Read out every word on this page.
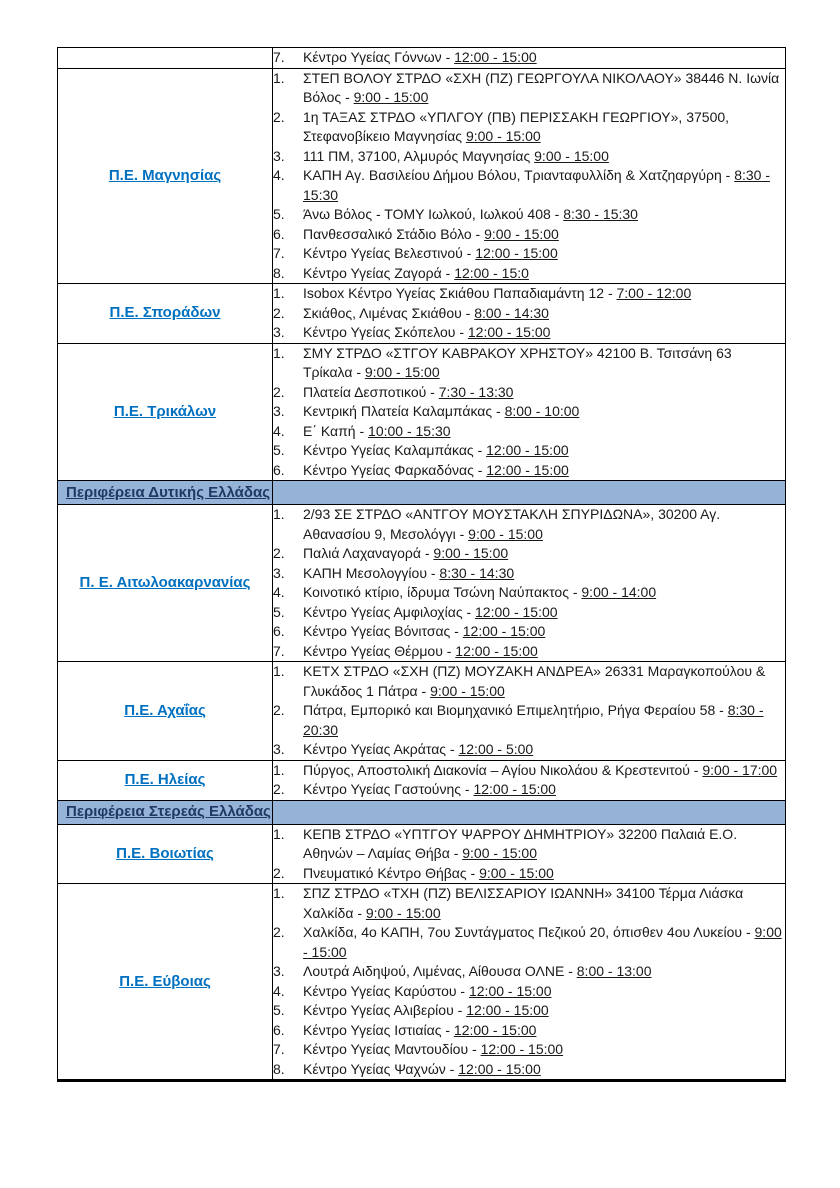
	7. Κέντρο Υγείας Γόννων - 12:00 - 15:00

Π.Ε. Μαγνησίας	
1.	ΣΤΕΠ ΒΟΛΟΥ ΣΤΡΔΟ «ΣΧΗ (ΠΖ) ΓΕΩΡΓΟΥΛΑ ΝΙΚΟΛΑΟΥ» 38446 Ν. Ιωνία Βόλος - 9:00 - 15:00
2.	1η ΤΑΞΑΣ ΣΤΡΔΟ «ΥΠΛΓΟΥ (ΠΒ) ΠΕΡΙΣΣΑΚΗ ΓΕΩΡΓΙΟΥ», 37500, Στεφανοβίκειο Μαγνησίας 9:00 - 15:00
3.	111 ΠΜ, 37100, Αλμυρός Μαγνησίας 9:00 - 15:00
4.	ΚΑΠΗ Αγ. Βασιλείου Δήμου Βόλου, Τριανταφυλλίδη & Χατζηαργύρη - 8:30 - 15:30
5.	Άνω Βόλος - ΤΟΜΥ Ιωλκού, Ιωλκού 408 - 8:30 - 15:30
6.	Πανθεσσαλικό Στάδιο Βόλο - 9:00 - 15:00
7.	Κέντρο Υγείας Βελεστινού - 12:00 - 15:00
8.	Κέντρο Υγείας Ζαγορά - 12:00 - 15:0

Π.Ε. Σποράδων	
1.	Isobox Κέντρο Υγείας Σκιάθου Παπαδιαμάντη 12 - 7:00 - 12:00
2.	Σκιάθος, Λιμένας Σκιάθου - 8:00 - 14:30
3.	Κέντρο Υγείας Σκόπελου - 12:00 - 15:00

Π.Ε. Τρικάλων	
1.	ΣΜΥ ΣΤΡΔΟ «ΣΤΓΟΥ ΚΑΒΡΑΚΟΥ ΧΡΗΣΤΟΥ» 42100 Β. Τσιτσάνη 63 Τρίκαλα - 9:00 - 15:00
2.	Πλατεία Δεσποτικού - 7:30 - 13:30
3.	Κεντρική Πλατεία Καλαμπάκας - 8:00 - 10:00
4.	Ε΄ Καπή - 10:00 - 15:30
5.	Κέντρο Υγείας Καλαμπάκας - 12:00 - 15:00
6.	Κέντρο Υγείας Φαρκαδόνας - 12:00 - 15:00

Περιφέρεια Δυτικής Ελλάδας	
Π. Ε. Αιτωλοακαρνανίας	
1.	2/93 ΣΕ ΣΤΡΔΟ «ΑΝΤΓΟΥ ΜΟΥΣΤΑΚΛΗ ΣΠΥΡΙΔΩΝΑ», 30200 Αγ. Αθανασίου 9, Μεσολόγγι - 9:00 - 15:00
2.	Παλιά Λαχαναγορά - 9:00 - 15:00
3.	ΚΑΠΗ Μεσολογγίου - 8:30 - 14:30
4.	Κοινοτικό κτίριο, ίδρυμα Τσώνη Ναύπακτος - 9:00 - 14:00
5.	Κέντρο Υγείας Αμφιλοχίας - 12:00 - 15:00
6.	Κέντρο Υγείας Βόνιτσας - 12:00 - 15:00
7.	Κέντρο Υγείας Θέρμου - 12:00 - 15:00

Π.Ε. Αχαΐας	
1.	ΚΕΤΧ ΣΤΡΔΟ «ΣΧΗ (ΠΖ) ΜΟΥΖΑΚΗ ΑΝΔΡΕΑ» 26331 Μαραγκοπούλου & Γλυκάδος 1 Πάτρα - 9:00 - 15:00
2.	Πάτρα, Εμπορικό και Βιομηχανικό Επιμελητήριο, Ρήγα Φεραίου 58 - 8:30 - 20:30
3.	Κέντρο Υγείας Ακράτας - 12:00 - 5:00

Π.Ε. Ηλείας	1. Πύργος, Αποστολική Διακονία – Αγίου Νικολάου & Κρεστενιτού - 9:00 - 17:00
2. Κέντρο Υγείας Γαστούνης - 12:00 - 15:00

Περιφέρεια Στερεάς Ελλάδας	
Π.Ε. Βοιωτίας	1. ΚΕΠΒ ΣΤΡΔΟ «ΥΠΤΓΟΥ ΨΑΡΡΟΥ ΔΗΜΗΤΡΙΟΥ» 32200 Παλαιά Ε.Ο. Αθηνών – Λαμίας Θήβα - 9:00 - 15:00
2. Πνευματικό Κέντρο Θήβας - 9:00 - 15:00

Π.Ε. Εύβοιας	
1.	ΣΠΖ ΣΤΡΔΟ «ΤΧΗ (ΠΖ) ΒΕΛΙΣΣΑΡΙΟΥ ΙΩΑΝΝΗ» 34100 Τέρμα Λιάσκα Χαλκίδα - 9:00 - 15:00
2.	Χαλκίδα, 4ο ΚΑΠΗ, 7ου Συντάγματος Πεζικού 20, όπισθεν 4ου Λυκείου - 9:00 - 15:00
3.	Λουτρά Αιδηψού, Λιμένας, Αίθουσα ΟΛΝΕ - 8:00 - 13:00
4.	Κέντρο Υγείας Καρύστου - 12:00 - 15:00
5.	Κέντρο Υγείας Αλιβερίου - 12:00 - 15:00
6.	Κέντρο Υγείας Ιστιαίας - 12:00 - 15:00
7.	Κέντρο Υγείας Μαντουδίου - 12:00 - 15:00
8.	Κέντρο Υγείας Ψαχνών - 12:00 - 15:00
